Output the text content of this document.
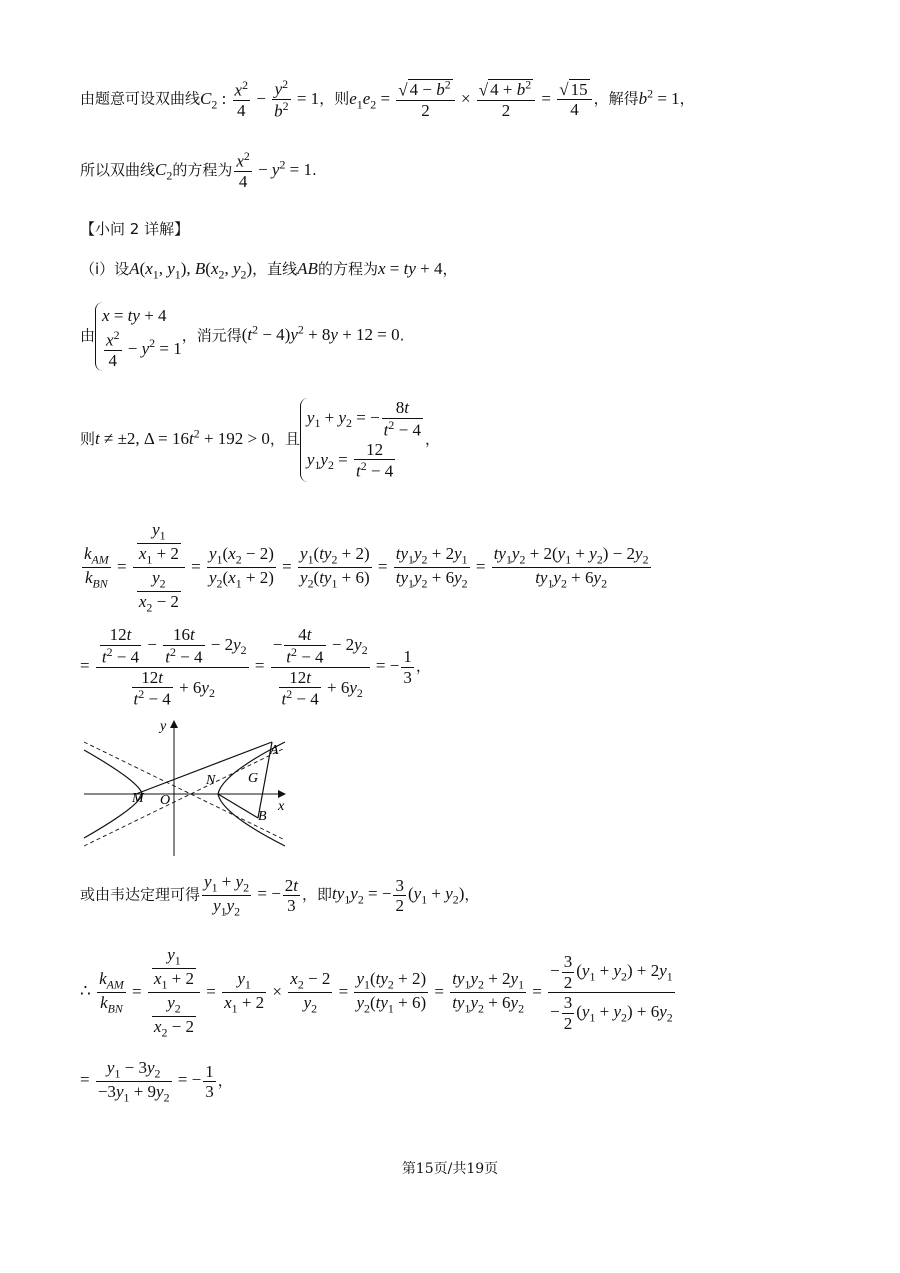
由题意可设双曲线$C_2$ : $\frac{x^2}{4} - \frac{y^2}{b^2} = 1$，则$e_1e_2 = \frac{√ 4 - b^2}{2} \times \frac{√ 4 + b^2}{2} = \frac{√ 15}{4}$ ，解得$b^2 = 1$，
所以双曲线$C_2$的方程为 $\frac{x^2}{4} - y^2 = 1$.
【小问 2 详解】
（i）设$A(x_1$, $y_1$), $B(x_2$, $y_2$)，直线AB的方程为x = ty + 4，
由
x = ty + 4
$\frac{x^2}{4} - y^2 = 1$
，消元得$(t^2 - 4)y^2 + 8y + 12 = 0$.
则t ≠ ±2, $\Delta = 16t^2 + 192 > 0$，且
$y_1 + y_2$ = − $\frac{8t}{t^2 - 4}$
$y_1y_2 = \frac{12}{t^2 - 4}$
，
$\frac{k_{AM}}{k_{BN}} = \frac{\frac{y_1}{x_1 + 2}}{\frac{y_2}{x_2 - 2}} = \frac{y_1(x_2 - 2)}{y_2(x_1 + 2)} = \frac{y_1(ty_2 + 2)}{y_2(ty_1 + 6)} = \frac{ty_1y_2 + 2y_1}{ty_1y_2 + 6y_2} = \frac{ty_1y_2 + 2(y_1 + y_2) - 2y_2}{ty_1y_2 + 6y_2}$
= $\frac{\frac{12t}{t^2 - 4} - \frac{16t}{t^2 - 4} - 2y_2}{\frac{12t}{t^2 - 4} + 6y_2} = \frac{- \frac{4t}{t^2 - 4} - 2y_2}{\frac{12t}{t^2 - 4} + 6y_2}$ = − $\frac{1}{3}$ ，
A
B
G
M
N
O	x
y
或由韦达定理可得 $\frac{y_1 + y_2}{y_1y_2}$ = − $\frac{2t}{3}$ ，即$ty_1y_2$ = − $\frac{3}{2} (y_1 + y_2)$，
∴ $\frac{k_{AM}}{k_{BN}} = \frac{\frac{y_1}{x_1 + 2}}{\frac{y_2}{x_2 - 2}} = \frac{y_1}{x_1 + 2} \times \frac{x_2 - 2}{y_2} = \frac{y_1(ty_2 + 2)}{y_2(ty_1 + 6)} = \frac{ty_1y_2 + 2y_1}{ty_1y_2 + 6y_2} = \frac{- \frac{3}{2} (y_1 + y_2) + 2y_1}{- \frac{3}{2} (y_1 + y_2) + 6y_2}$
= $\frac{y_1 - 3y_2}{-3y_1 + 9y_2}$ = − $\frac{1}{3}$ ，
第15页/共19页
